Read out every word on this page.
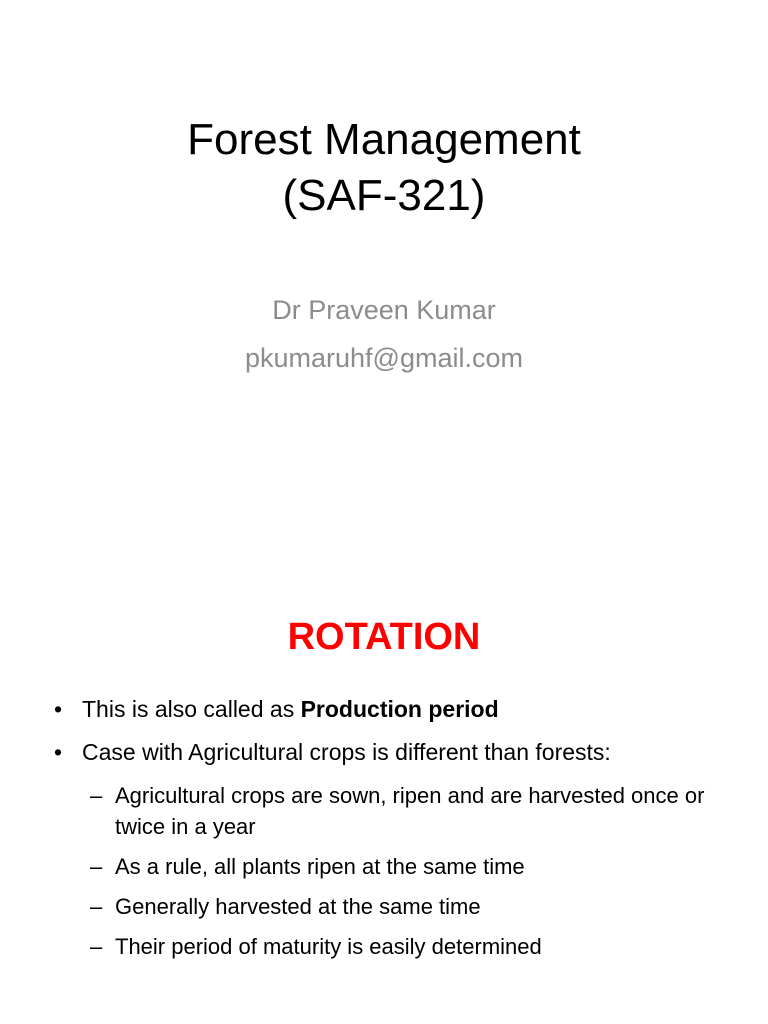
Forest Management
(SAF-321)
Dr Praveen Kumar
pkumaruhf@gmail.com
ROTATION
• This is also called as Production period
• Case with Agricultural crops is different than forests:
– Agricultural crops are sown, ripen and are harvested once or twice in a year
– As a rule, all plants ripen at the same time
– Generally harvested at the same time
– Their period of maturity is easily determined
